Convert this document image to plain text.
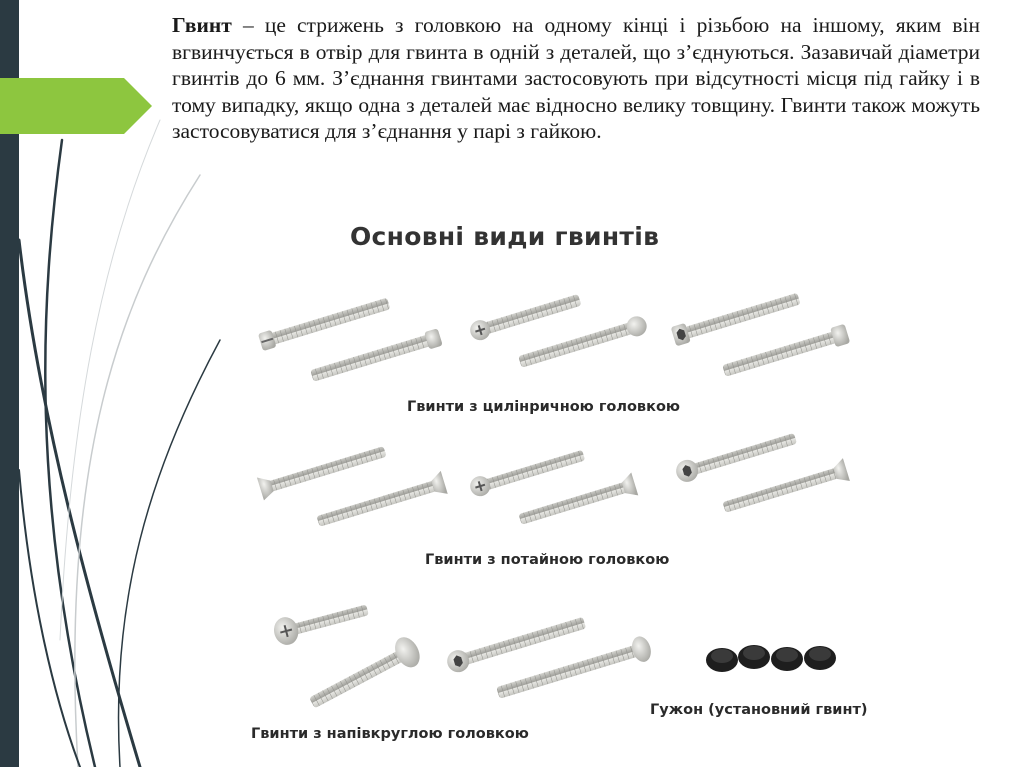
Гвинт – це стрижень з головкою на одному кінці і різьбою на іншому, яким він вгвинчується в отвір для гвинта в одній з деталей, що з’єднуються. Зазавичай діаметри гвинтів до 6 мм. З’єднання гвинтами застосовують при відсутності місця під гайку і в тому випадку, якщо одна з деталей має відносно велику товщину. Гвинти також можуть застосовуватися для з’єднання у парі з гайкою.

Основні види гвинтів
Гвинти з цилінричною головкою
Гвинти з потайною головкою
Гвинти з напівкруглою головкою
Гужон (установний гвинт)
